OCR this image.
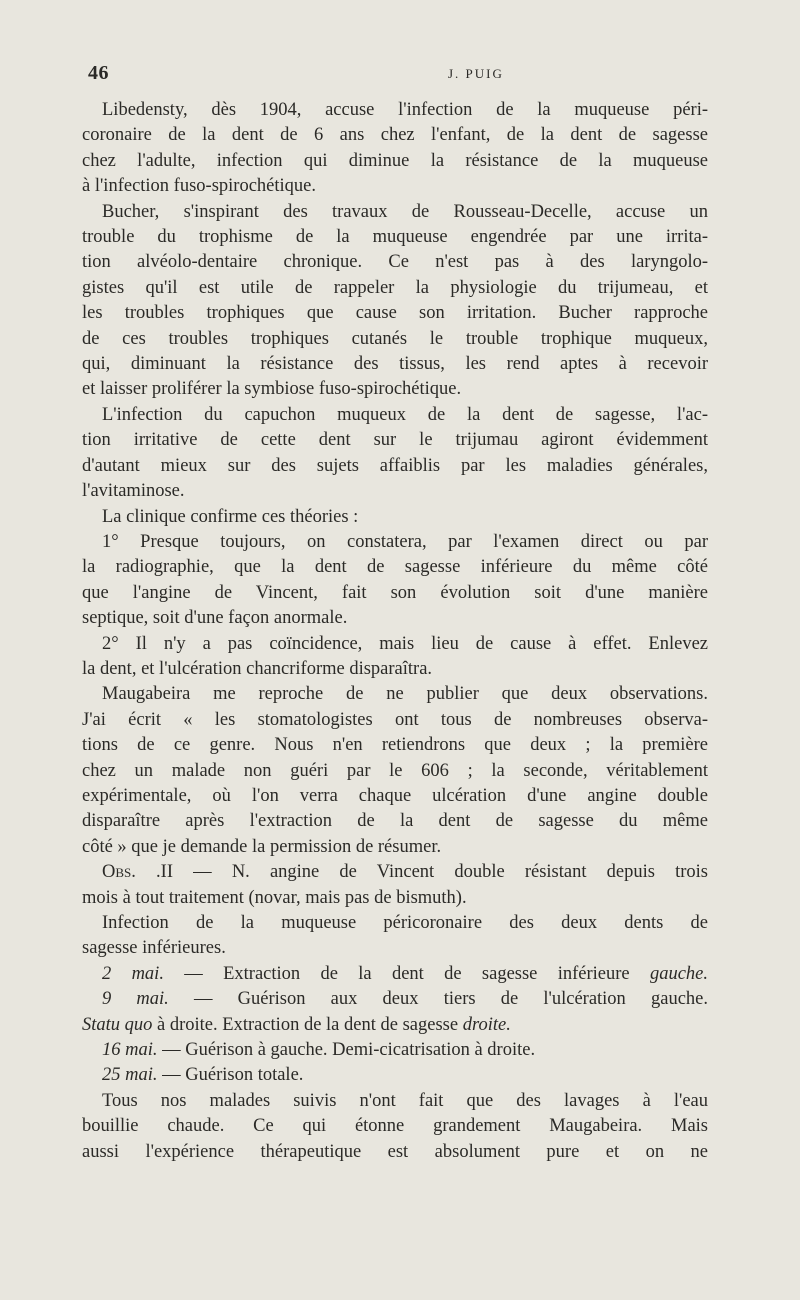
46	J. PUIG
Libedensty, dès 1904, accuse l'infection de la muqueuse péri-
coronaire de la dent de 6 ans chez l'enfant, de la dent de sagesse
chez l'adulte, infection qui diminue la résistance de la muqueuse
à l'infection fuso-spirochétique.
Bucher, s'inspirant des travaux de Rousseau-Decelle, accuse un
trouble du trophisme de la muqueuse engendrée par une irrita-
tion alvéolo-dentaire chronique. Ce n'est pas à des laryngolo-
gistes qu'il est utile de rappeler la physiologie du trijumeau, et
les troubles trophiques que cause son irritation. Bucher rapproche
de ces troubles trophiques cutanés le trouble trophique muqueux,
qui, diminuant la résistance des tissus, les rend aptes à recevoir
et laisser proliférer la symbiose fuso-spirochétique.
L'infection du capuchon muqueux de la dent de sagesse, l'ac-
tion irritative de cette dent sur le trijumau agiront évidemment
d'autant mieux sur des sujets affaiblis par les maladies générales,
l'avitaminose.
La clinique confirme ces théories :
1° Presque toujours, on constatera, par l'examen direct ou par
la radiographie, que la dent de sagesse inférieure du même côté
que l'angine de Vincent, fait son évolution soit d'une manière
septique, soit d'une façon anormale.
2° Il n'y a pas coïncidence, mais lieu de cause à effet. Enlevez
la dent, et l'ulcération chancriforme disparaîtra.
Maugabeira me reproche de ne publier que deux observations.
J'ai écrit « les stomatologistes ont tous de nombreuses observa-
tions de ce genre. Nous n'en retiendrons que deux ; la première
chez un malade non guéri par le 606 ; la seconde, véritablement
expérimentale, où l'on verra chaque ulcération d'une angine double
disparaître après l'extraction de la dent de sagesse du même
côté » que je demande la permission de résumer.
Obs. .II — N. angine de Vincent double résistant depuis trois
mois à tout traitement (novar, mais pas de bismuth).
Infection de la muqueuse péricoronaire des deux dents de
sagesse inférieures.
2 mai. — Extraction de la dent de sagesse inférieure gauche.
9 mai. — Guérison aux deux tiers de l'ulcération gauche.
Statu quo à droite. Extraction de la dent de sagesse droite.
16 mai. — Guérison à gauche. Demi-cicatrisation à droite.
25 mai. — Guérison totale.
Tous nos malades suivis n'ont fait que des lavages à l'eau
bouillie chaude. Ce qui étonne grandement Maugabeira. Mais
aussi l'expérience thérapeutique est absolument pure et on ne
